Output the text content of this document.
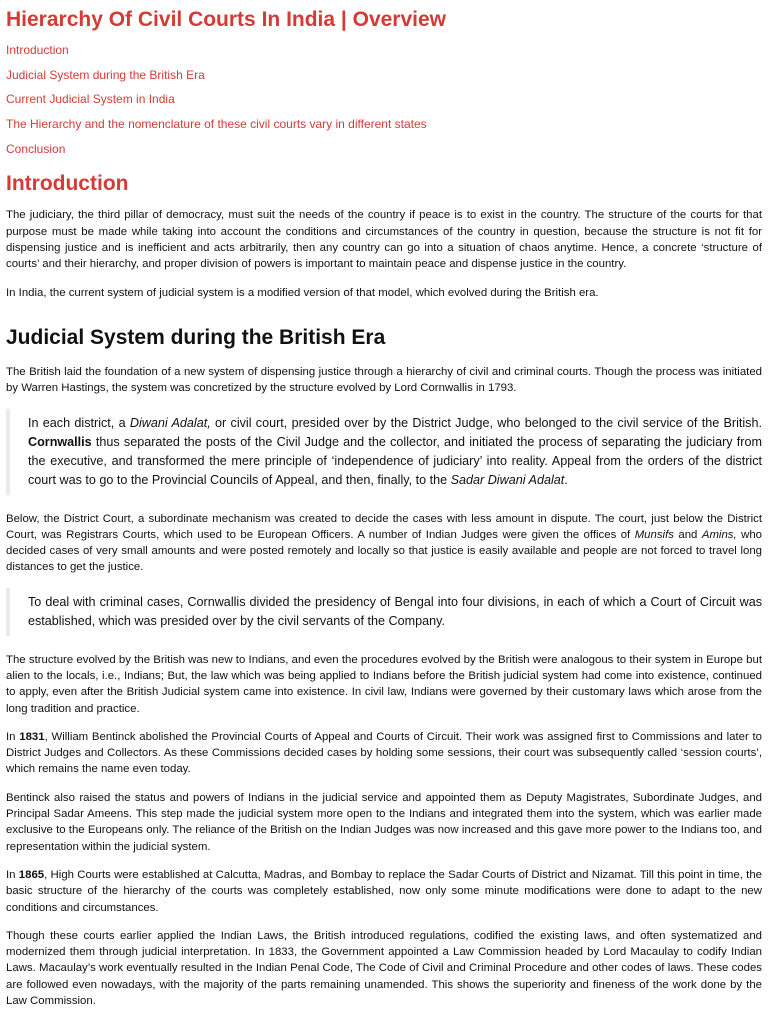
Hierarchy Of Civil Courts In India | Overview
Introduction
Judicial System during the British Era
Current Judicial System in India
The Hierarchy and the nomenclature of these civil courts vary in different states
Conclusion
Introduction

The judiciary, the third pillar of democracy, must suit the needs of the country if peace is to exist in the country. The structure of the courts for that purpose must be made while taking into account the conditions and circumstances of the country in question, because the structure is not fit for dispensing justice and is inefficient and acts arbitrarily, then any country can go into a situation of chaos anytime. Hence, a concrete ‘structure of courts’ and their hierarchy, and proper division of powers is important to maintain peace and dispense justice in the country.

In India, the current system of judicial system is a modified version of that model, which evolved during the British era.

Judicial System during the British Era

The British laid the foundation of a new system of dispensing justice through a hierarchy of civil and criminal courts. Though the process was initiated by Warren Hastings, the system was concretized by the structure evolved by Lord Cornwallis in 1793.

In each district, a Diwani Adalat, or civil court, presided over by the District Judge, who belonged to the civil service of the British. Cornwallis thus separated the posts of the Civil Judge and the collector, and initiated the process of separating the judiciary from the executive, and transformed the mere principle of ‘independence of judiciary’ into reality. Appeal from the orders of the district court was to go to the Provincial Councils of Appeal, and then, finally, to the Sadar Diwani Adalat.

Below, the District Court, a subordinate mechanism was created to decide the cases with less amount in dispute. The court, just below the District Court, was Registrars Courts, which used to be European Officers. A number of Indian Judges were given the offices of Munsifs and Amins, who decided cases of very small amounts and were posted remotely and locally so that justice is easily available and people are not forced to travel long distances to get the justice.

To deal with criminal cases, Cornwallis divided the presidency of Bengal into four divisions, in each of which a Court of Circuit was established, which was presided over by the civil servants of the Company.

The structure evolved by the British was new to Indians, and even the procedures evolved by the British were analogous to their system in Europe but alien to the locals, i.e., Indians; But, the law which was being applied to Indians before the British judicial system had come into existence, continued to apply, even after the British Judicial system came into existence. In civil law, Indians were governed by their customary laws which arose from the long tradition and practice.

In 1831, William Bentinck abolished the Provincial Courts of Appeal and Courts of Circuit. Their work was assigned first to Commissions and later to District Judges and Collectors. As these Commissions decided cases by holding some sessions, their court was subsequently called ‘session courts’, which remains the name even today.

Bentinck also raised the status and powers of Indians in the judicial service and appointed them as Deputy Magistrates, Subordinate Judges, and Principal Sadar Ameens. This step made the judicial system more open to the Indians and integrated them into the system, which was earlier made exclusive to the Europeans only. The reliance of the British on the Indian Judges was now increased and this gave more power to the Indians too, and representation within the judicial system.

In 1865, High Courts were established at Calcutta, Madras, and Bombay to replace the Sadar Courts of District and Nizamat. Till this point in time, the basic structure of the hierarchy of the courts was completely established, now only some minute modifications were done to adapt to the new conditions and circumstances.

Though these courts earlier applied the Indian Laws, the British introduced regulations, codified the existing laws, and often systematized and modernized them through judicial interpretation. In 1833, the Government appointed a Law Commission headed by Lord Macaulay to codify Indian Laws. Macaulay’s work eventually resulted in the Indian Penal Code, The Code of Civil and Criminal Procedure and other codes of laws. These codes are followed even nowadays, with the majority of the parts remaining unamended. This shows the superiority and fineness of the work done by the Law Commission.
